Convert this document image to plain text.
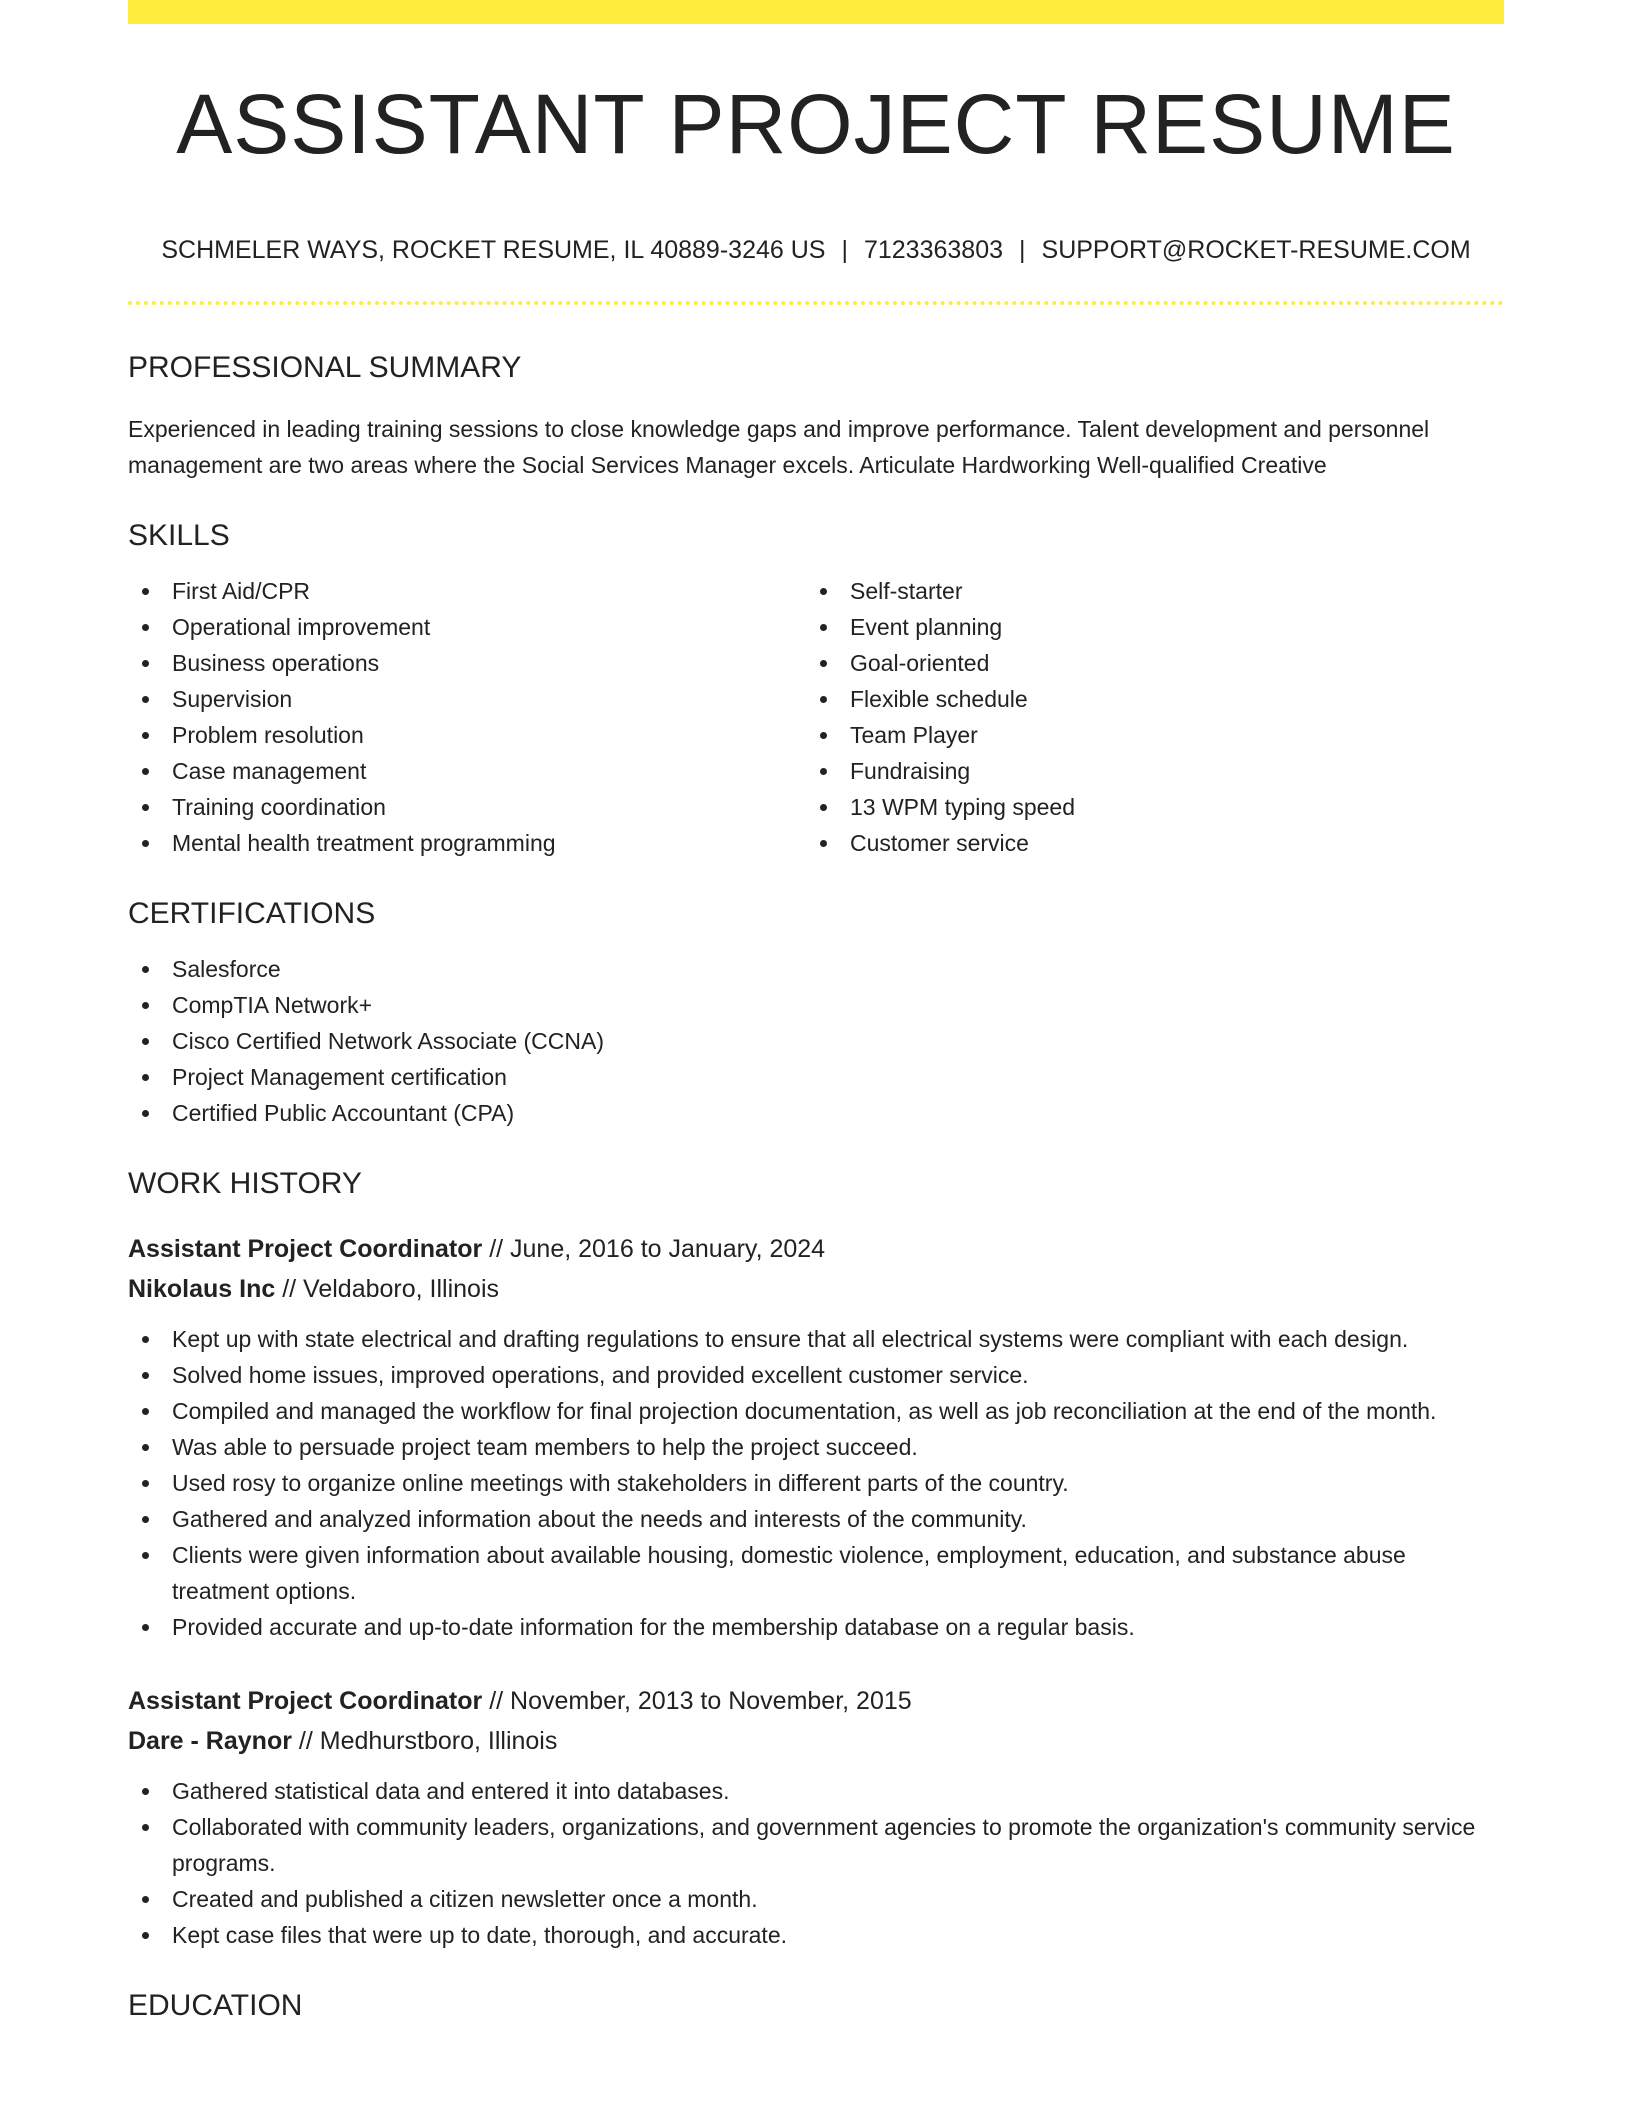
ASSISTANT PROJECT RESUME
SCHMELER WAYS, ROCKET RESUME, IL 40889-3246 US | 7123363803 | SUPPORT@ROCKET-RESUME.COM
PROFESSIONAL SUMMARY
Experienced in leading training sessions to close knowledge gaps and improve performance. Talent development and personnel management are two areas where the Social Services Manager excels. Articulate Hardworking Well-qualified Creative
SKILLS
First Aid/CPR
Operational improvement
Business operations
Supervision
Problem resolution
Case management
Training coordination
Mental health treatment programming
Self-starter
Event planning
Goal-oriented
Flexible schedule
Team Player
Fundraising
13 WPM typing speed
Customer service
CERTIFICATIONS
Salesforce
CompTIA Network+
Cisco Certified Network Associate (CCNA)
Project Management certification
Certified Public Accountant (CPA)
WORK HISTORY
Assistant Project Coordinator // June, 2016 to January, 2024
Nikolaus Inc // Veldaboro, Illinois
Kept up with state electrical and drafting regulations to ensure that all electrical systems were compliant with each design.
Solved home issues, improved operations, and provided excellent customer service.
Compiled and managed the workflow for final projection documentation, as well as job reconciliation at the end of the month.
Was able to persuade project team members to help the project succeed.
Used rosy to organize online meetings with stakeholders in different parts of the country.
Gathered and analyzed information about the needs and interests of the community.
Clients were given information about available housing, domestic violence, employment, education, and substance abuse treatment options.
Provided accurate and up-to-date information for the membership database on a regular basis.
Assistant Project Coordinator // November, 2013 to November, 2015
Dare - Raynor // Medhurstboro, Illinois
Gathered statistical data and entered it into databases.
Collaborated with community leaders, organizations, and government agencies to promote the organization's community service programs.
Created and published a citizen newsletter once a month.
Kept case files that were up to date, thorough, and accurate.
EDUCATION
